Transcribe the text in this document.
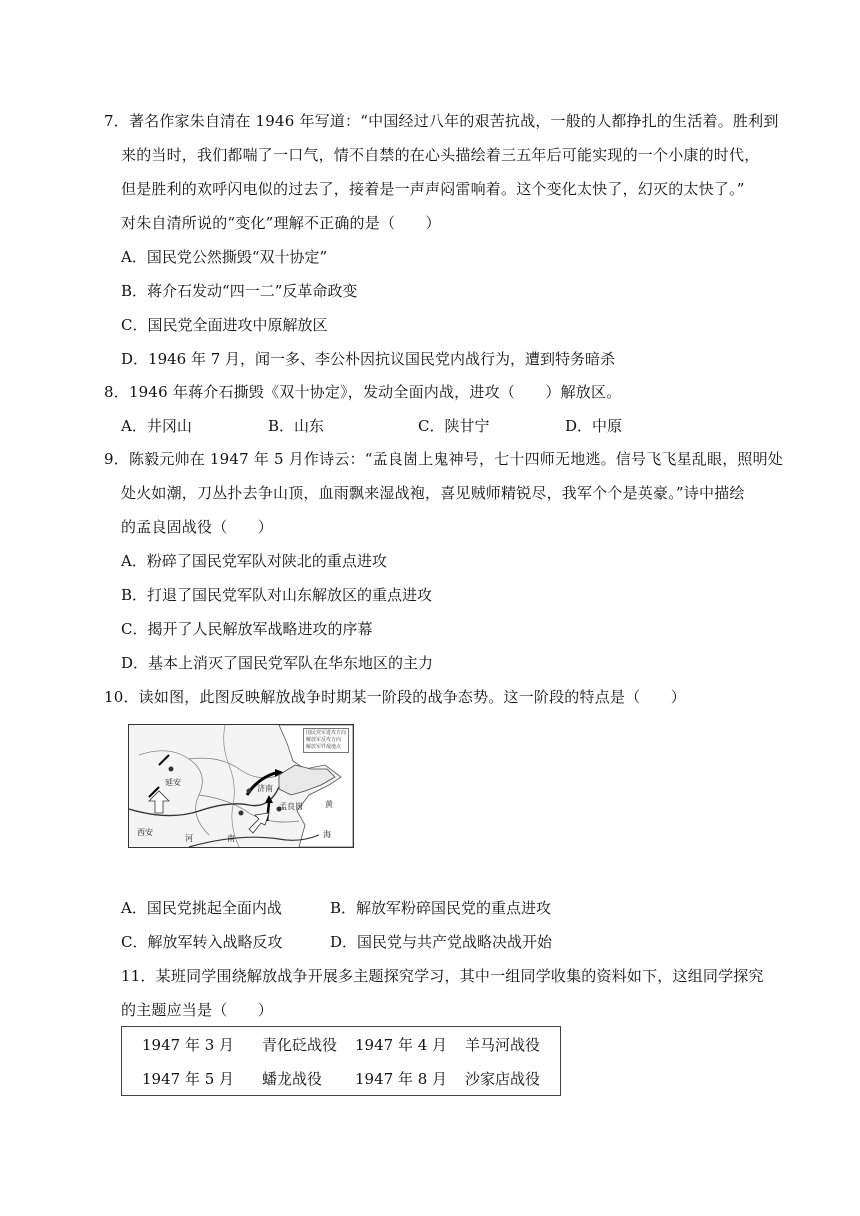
7．著名作家朱自清在 1946 年写道：“中国经过八年的艰苦抗战，一般的人都挣扎的生活着。胜利到
来的当时，我们都喘了一口气，情不自禁的在心头描绘着三五年后可能实现的一个小康的时代，
但是胜利的欢呼闪电似的过去了，接着是一声声闷雷响着。这个变化太快了，幻灭的太快了。”
对朱自清所说的“变化”理解不正确的是（　　）
A．国民党公然撕毁“双十协定”
B．蒋介石发动“四一二”反革命政变
C．国民党全面进攻中原解放区
D．1946 年 7 月，闻一多、李公朴因抗议国民党内战行为，遭到特务暗杀
8．1946 年蒋介石撕毁《双十协定》，发动全面内战，进攻（　　）解放区。
A．井冈山	B．山东	C．陕甘宁	D．中原
9．陈毅元帅在 1947 年 5 月作诗云：“孟良崮上鬼神号，七十四师无地逃。信号飞飞星乱眼，照明处
处火如潮，刀丛扑去争山顶，血雨飘来湿战袍，喜见贼师精锐尽，我军个个是英豪。”诗中描绘
的孟良固战役（　　）
A．粉碎了国民党军队对陕北的重点进攻
B．打退了国民党军队对山东解放区的重点进攻
C．揭开了人民解放军战略进攻的序幕
D．基本上消灭了国民党军队在华东地区的主力
10．读如图，此图反映解放战争时期某一阶段的战争态势。这一阶段的特点是（　　）
国民党军进攻方向
解放军反攻方向
解放军歼敌地点
延安
济南
孟良崮
西安
河	南
黄
海
A．国民党挑起全面内战	B．解放军粉碎国民党的重点进攻
C．解放军转入战略反攻	D．国民党与共产党战略决战开始
11．某班同学围绕解放战争开展多主题探究学习，其中一组同学收集的资料如下，这组同学探究
的主题应当是（　　）
1947 年 3 月	青化砭战役	1947 年 4 月	羊马河战役
1947 年 5 月	蟠龙战役	1947 年 8 月	沙家店战役
